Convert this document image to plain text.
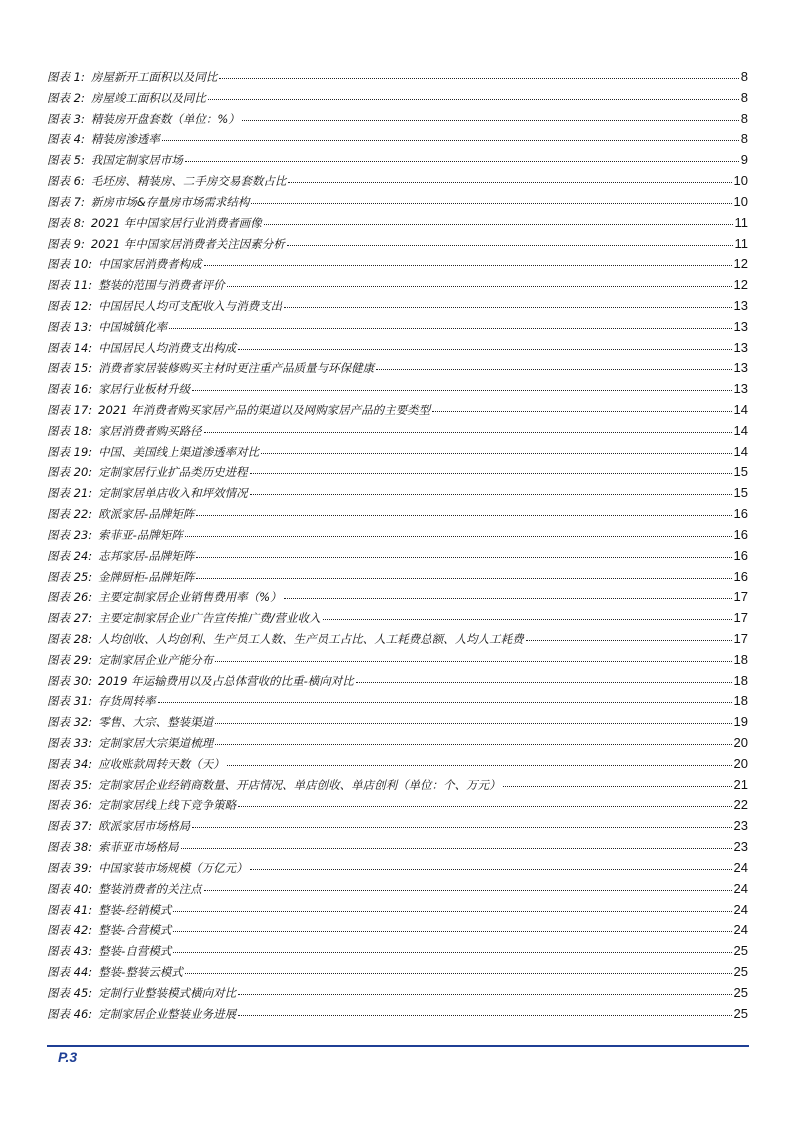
图表 1: 房屋新开工面积以及同比	8
图表 2: 房屋竣工面积以及同比	8
图表 3: 精装房开盘套数（单位：%）	8
图表 4: 精装房渗透率	8
图表 5: 我国定制家居市场	9
图表 6: 毛坯房、精装房、二手房交易套数占比	10
图表 7: 新房市场&存量房市场需求结构	10
图表 8: 2021 年中国家居行业消费者画像	11
图表 9: 2021 年中国家居消费者关注因素分析	11
图表 10: 中国家居消费者构成	12
图表 11: 整装的范围与消费者评价	12
图表 12: 中国居民人均可支配收入与消费支出	13
图表 13: 中国城镇化率	13
图表 14: 中国居民人均消费支出构成	13
图表 15: 消费者家居装修购买主材时更注重产品质量与环保健康	13
图表 16: 家居行业板材升级	13
图表 17: 2021 年消费者购买家居产品的渠道以及网购家居产品的主要类型	14
图表 18: 家居消费者购买路径	14
图表 19: 中国、美国线上渠道渗透率对比	14
图表 20: 定制家居行业扩品类历史进程	15
图表 21: 定制家居单店收入和坪效情况	15
图表 22: 欧派家居-品牌矩阵	16
图表 23: 索菲亚-品牌矩阵	16
图表 24: 志邦家居-品牌矩阵	16
图表 25: 金牌厨柜-品牌矩阵	16
图表 26: 主要定制家居企业销售费用率（%）	17
图表 27: 主要定制家居企业广告宣传推广费/营业收入	17
图表 28: 人均创收、人均创利、生产员工人数、生产员工占比、人工耗费总额、人均人工耗费	17
图表 29: 定制家居企业产能分布	18
图表 30: 2019 年运输费用以及占总体营收的比重-横向对比	18
图表 31: 存货周转率	18
图表 32: 零售、大宗、整装渠道	19
图表 33: 定制家居大宗渠道梳理	20
图表 34: 应收账款周转天数（天）	20
图表 35: 定制家居企业经销商数量、开店情况、单店创收、单店创利（单位：个、万元）	21
图表 36: 定制家居线上线下竞争策略	22
图表 37: 欧派家居市场格局	23
图表 38: 索菲亚市场格局	23
图表 39: 中国家装市场规模（万亿元）	24
图表 40: 整装消费者的关注点	24
图表 41: 整装-经销模式	24
图表 42: 整装-合营模式	24
图表 43: 整装-自营模式	25
图表 44: 整装-整装云模式	25
图表 45: 定制行业整装模式横向对比	25
图表 46: 定制家居企业整装业务进展	25
P.3
